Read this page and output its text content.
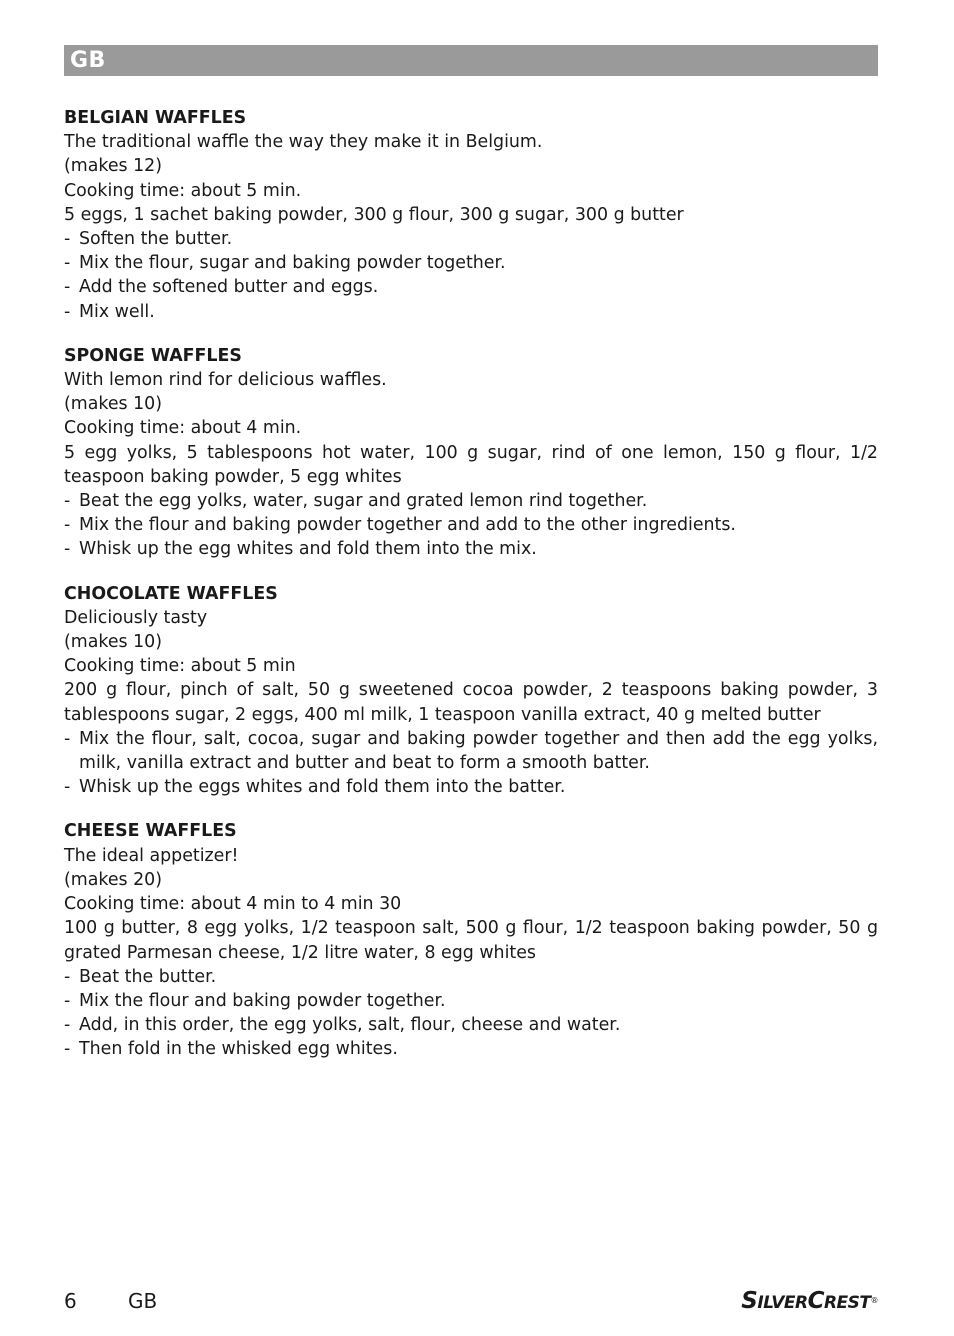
GB
BELGIAN WAFFLES

The traditional waffle the way they make it in Belgium.

(makes 12)

Cooking time: about 5 min.

5 eggs, 1 sachet baking powder, 300 g flour, 300 g sugar, 300 g butter

- Soften the butter.
- Mix the flour, sugar and baking powder together.
- Add the softened butter and eggs.
- Mix well.
SPONGE WAFFLES

With lemon rind for delicious waffles.

(makes 10)

Cooking time: about 4 min.

5 egg yolks, 5 tablespoons hot water, 100 g sugar, rind of one lemon, 150 g flour, 1/2 teaspoon baking powder, 5 egg whites

- Beat the egg yolks, water, sugar and grated lemon rind together.
- Mix the flour and baking powder together and add to the other ingredients.
- Whisk up the egg whites and fold them into the mix.
CHOCOLATE WAFFLES

Deliciously tasty

(makes 10)

Cooking time: about 5 min

200 g flour, pinch of salt, 50 g sweetened cocoa powder, 2 teaspoons baking powder, 3 tablespoons sugar, 2 eggs, 400 ml milk, 1 teaspoon vanilla extract, 40 g melted butter

- Mix the flour, salt, cocoa, sugar and baking powder together and then add the egg yolks, milk, vanilla extract and butter and beat to form a smooth batter.
- Whisk up the eggs whites and fold them into the batter.
CHEESE WAFFLES

The ideal appetizer!

(makes 20)

Cooking time: about 4 min to 4 min 30

100 g butter, 8 egg yolks, 1/2 teaspoon salt, 500 g flour, 1/2 teaspoon baking powder, 50 g grated Parmesan cheese, 1/2 litre water, 8 egg whites

- Beat the butter.
- Mix the flour and baking powder together.
- Add, in this order, the egg yolks, salt, flour, cheese and water.
- Then fold in the whisked egg whites.
6	GB	SILVERCREST®
